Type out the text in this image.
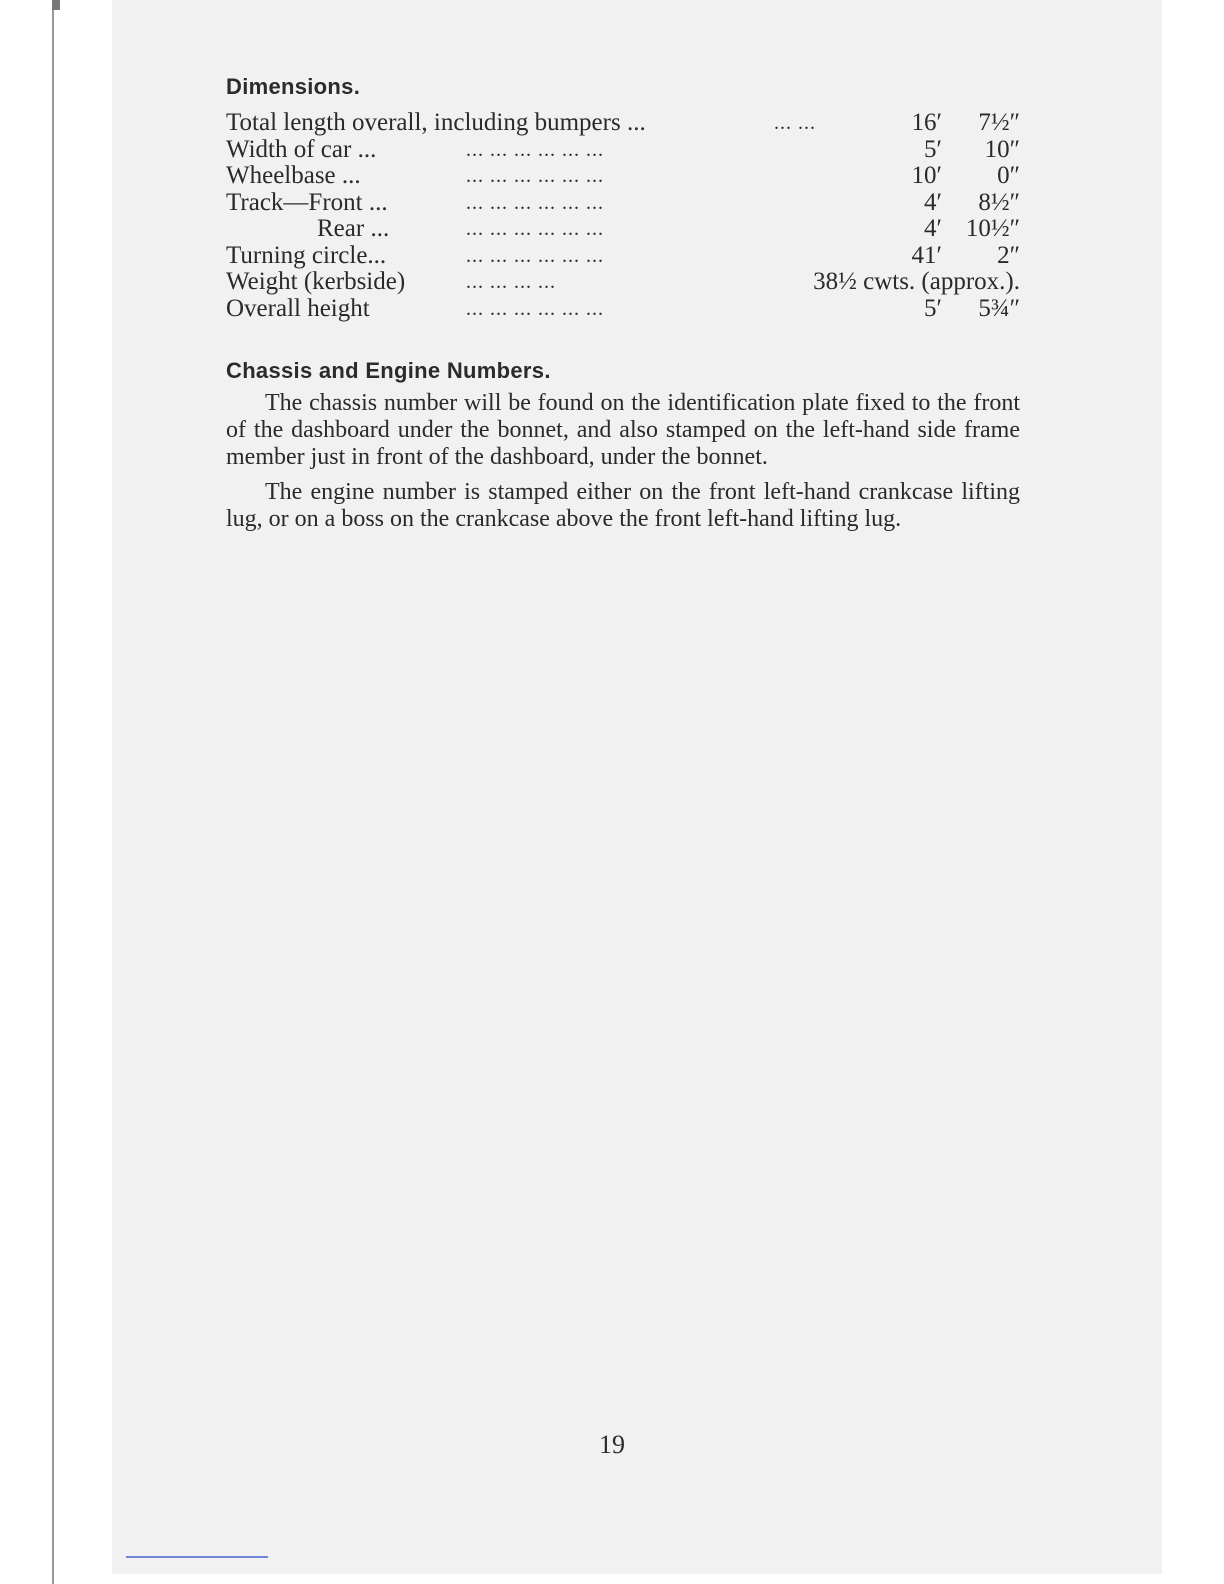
Dimensions.
Total length overall, including bumpers ...	... ...	16′	7½″
Width of car ...	... ... ... ... ... ...	5′	10″
Wheelbase ...	... ... ... ... ... ...	10′	0″
Track—Front ...	... ... ... ... ... ...	4′	8½″
Rear ...	... ... ... ... ... ...	4′ 10½″
Turning circle...	... ... ... ... ... ...	41′	2″
Weight (kerbside)	... ... ... ...	38½ cwts. (approx.).
Overall height	... ... ... ... ... ...	5′	5¾″
Chassis and Engine Numbers.

The chassis number will be found on the identification plate fixed to the front of the dashboard under the bonnet, and also stamped on the left-hand side frame member just in front of the dashboard, under the bonnet.

The engine number is stamped either on the front left-hand crankcase lifting lug, or on a boss on the crankcase above the front left-hand lifting lug.

19
